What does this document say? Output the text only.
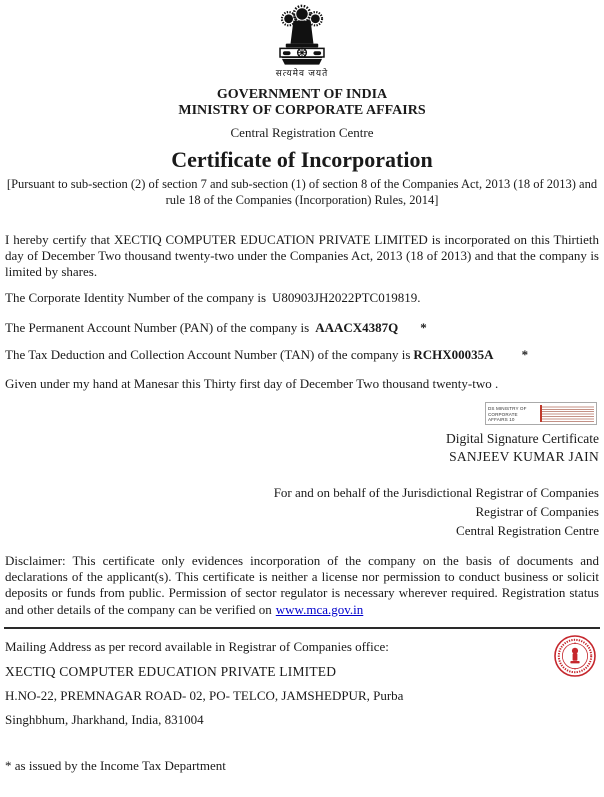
सत्यमेव जयते
GOVERNMENT OF INDIA
MINISTRY OF CORPORATE AFFAIRS
Central Registration Centre
Certificate of Incorporation

[Pursuant to sub-section (2) of section 7 and sub-section (1) of section 8 of the Companies Act, 2013 (18 of 2013) and rule 18 of the Companies (Incorporation) Rules, 2014]

I hereby certify that XECTIQ COMPUTER EDUCATION PRIVATE LIMITED is incorporated on this Thirtieth day of December Two thousand twenty-two under the Companies Act, 2013 (18 of 2013) and that the company is limited by shares.

The Corporate Identity Number of the company is U80903JH2022PTC019819.

The Permanent Account Number (PAN) of the company is AAACX4387Q *

The Tax Deduction and Collection Account Number (TAN) of the company is RCHX00035A *

Given under my hand at Manesar this Thirty first day of December Two thousand twenty-two .

DS MINISTRY OF CORPORATE AFFAIRS 10
Digital Signature Certificate
SANJEEV KUMAR JAIN
For and on behalf of the Jurisdictional Registrar of Companies
Registrar of Companies
Central Registration Centre

Disclaimer: This certificate only evidences incorporation of the company on the basis of documents and declarations of the applicant(s). This certificate is neither a license nor permission to conduct business or solicit deposits or funds from public. Permission of sector regulator is necessary wherever required. Registration status and other details of the company can be verified on www.mca.gov.in

Mailing Address as per record available in Registrar of Companies office:

XECTIQ COMPUTER EDUCATION PRIVATE LIMITED

H.NO-22, PREMNAGAR ROAD- 02, PO- TELCO, JAMSHEDPUR, Purba

Singhbhum, Jharkhand, India, 831004

* as issued by the Income Tax Department
